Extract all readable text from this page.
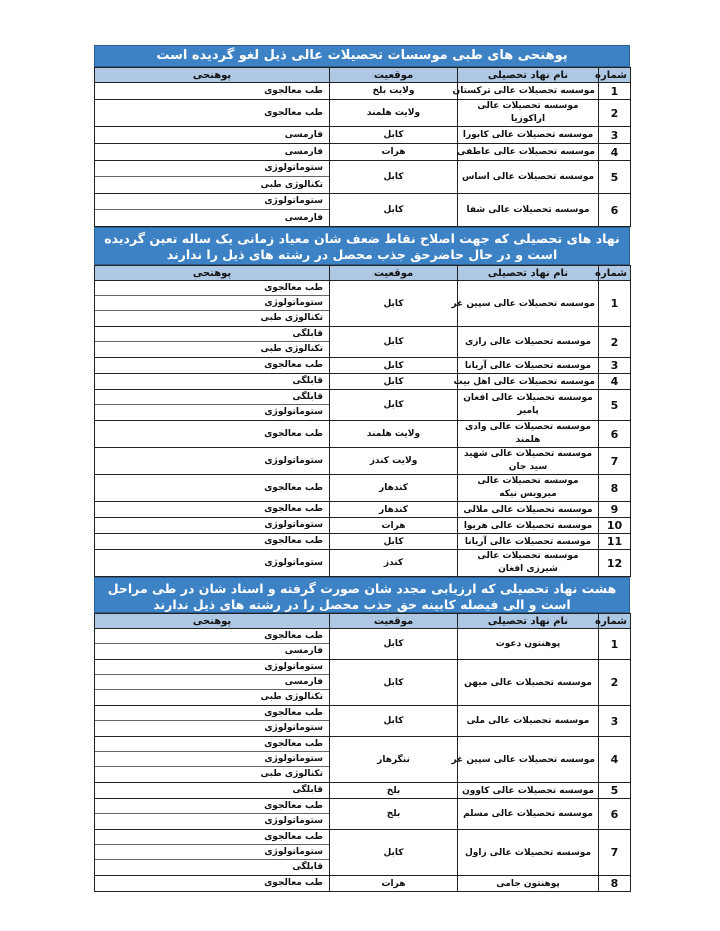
پوهنحی های طبی موسسات تحصیلات عالی ذیل لغو گردیده است
شماره	نام نهاد تحصیلی	موقعیت	پوهنحی
1	موسسه تحصیلات عالی ترکستان	ولایت بلخ	طب معالجوی

2	موسسه تحصیلات عالی اراکوزیا	ولایت هلمند	طب معالجوی

3	موسسه تحصیلات عالی کابورا	کابل	فارمسی

4	موسسه تحصیلات عالی عاطفی	هرات	فارمسی

5	موسسه تحصیلات عالی اساس	کابل	ستوماتولوژی
تکنالوژی طبی

6	موسسه تحصیلات عالی شفا	کابل	ستوماتولوژی
فارمسی
نهاد های تحصیلی که جهت اصلاح نقاط ضعف شان معیاد زمانی یک ساله تعین گردیده است و در حال حاضرحق جذب محصل در رشته های ذیل را ندارند
شماره	نام نهاد تحصیلی	موقعیت	پوهنحی
1	موسسه تحصیلات عالی سپین غر	کابل	طب معالجوی
ستوماتولوژی
تکنالوژی طبی

2	موسسه تحصیلات عالی رازی	کابل	قابلگی
تکنالوژی طبی

3	موسسه تحصیلات عالی آریانا	کابل	طب معالجوی

4	موسسه تحصیلات عالی اهل بیت	کابل	قابلگی

5	موسسه تحصیلات عالی افغان پامیر	کابل	قابلگی
ستوماتولوژی

6	موسسه تحصیلات عالی وادی هلمند	ولایت هلمند	طب معالجوی

7	موسسه تحصیلات عالی شهید سید جان	ولایت کندز	ستوماتولوژی

8	موسسه تحصیلات عالی میرویس نیکه	کندهار	طب معالجوی

9	موسسه تحصیلات عالی ملالی	کندهار	طب معالجوی

10	موسسه تحصیلات عالی هریوا	هرات	ستوماتولوژی

11	موسسه تحصیلات عالی آریانا	کابل	طب معالجوی

12	موسسه تحصیلات عالی شیرزی افغان	کندز	ستوماتولوژی
هشت نهاد تحصیلی که ارزیابی مجدد شان صورت گرفته و اسناد شان در طی مراحل است و الی فیصله کابینه حق جذب محصل را در رشته های ذیل ندارند
شماره	نام نهاد تحصیلی	موقعیت	پوهنحی
1	پوهنتون دعوت	کابل	طب معالجوی
فارمسی

2	موسسه تحصیلات عالی میهن	کابل	ستوماتولوژی
فارمسی
تکنالوژی طبی

3	موسسه تحصیلات عالی ملی	کابل	طب معالجوی
ستوماتولوژی

4	موسسه تحصیلات عالی سپین غر	ننگرهار	طب معالجوی
ستوماتولوژی
تکنالوژی طبی

5	موسسه تحصیلات عالی کاوون	بلخ	قابلگی

6	موسسه تحصیلات عالی مسلم	بلخ	طب معالجوی
ستوماتولوژی

7	موسسه تحصیلات عالی زاول	کابل	طب معالجوی
ستوماتولوژی
قابلگی

8	پوهنتون جامی	هرات	طب معالجوی
